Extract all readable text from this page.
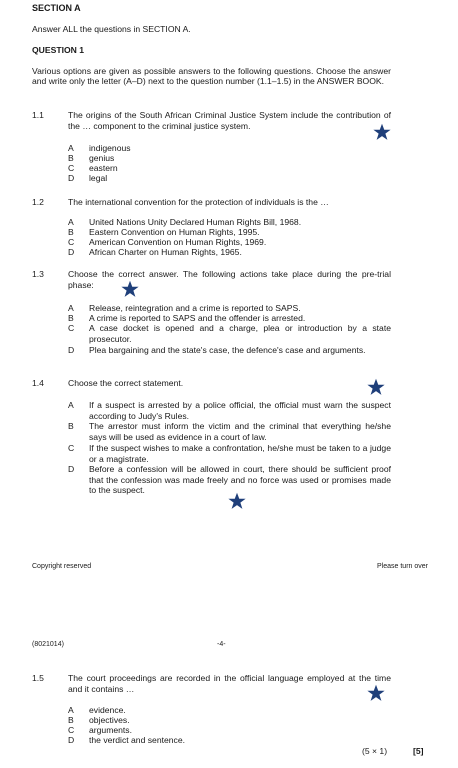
SECTION A
Answer ALL the questions in SECTION A.
QUESTION 1
Various options are given as possible answers to the following questions. Choose the answer and write only the letter (A–D) next to the question number (1.1–1.5) in the ANSWER BOOK.
1.1	The origins of the South African Criminal Justice System include the contribution of the … component to the criminal justice system.
A	indigenous
B	genius
C	eastern
D	legal
1.2	The international convention for the protection of individuals is the …
A	United Nations Unity Declared Human Rights Bill, 1968.
B	Eastern Convention on Human Rights, 1995.
C	American Convention on Human Rights, 1969.
D	African Charter on Human Rights, 1965.
1.3	Choose the correct answer. The following actions take place during the pre-trial phase:
A	Release, reintegration and a crime is reported to SAPS.
B	A crime is reported to SAPS and the offender is arrested.
C	A case docket is opened and a charge, plea or introduction by a state prosecutor.
D	Plea bargaining and the state's case, the defence's case and arguments.
1.4	Choose the correct statement.
A	If a suspect is arrested by a police official, the official must warn the suspect according to Judy's Rules.
B	The arrestor must inform the victim and the criminal that everything he/she says will be used as evidence in a court of law.
C	If the suspect wishes to make a confrontation, he/she must be taken to a judge or a magistrate.
D	Before a confession will be allowed in court, there should be sufficient proof that the confession was made freely and no force was used or promises made to the suspect.
Copyright reserved	Please turn over
(8021014)	-4-
1.5	The court proceedings are recorded in the official language employed at the time and it contains …
A	evidence.
B	objectives.
C	arguments.
D	the verdict and sentence.
(5 × 1)	[5]
